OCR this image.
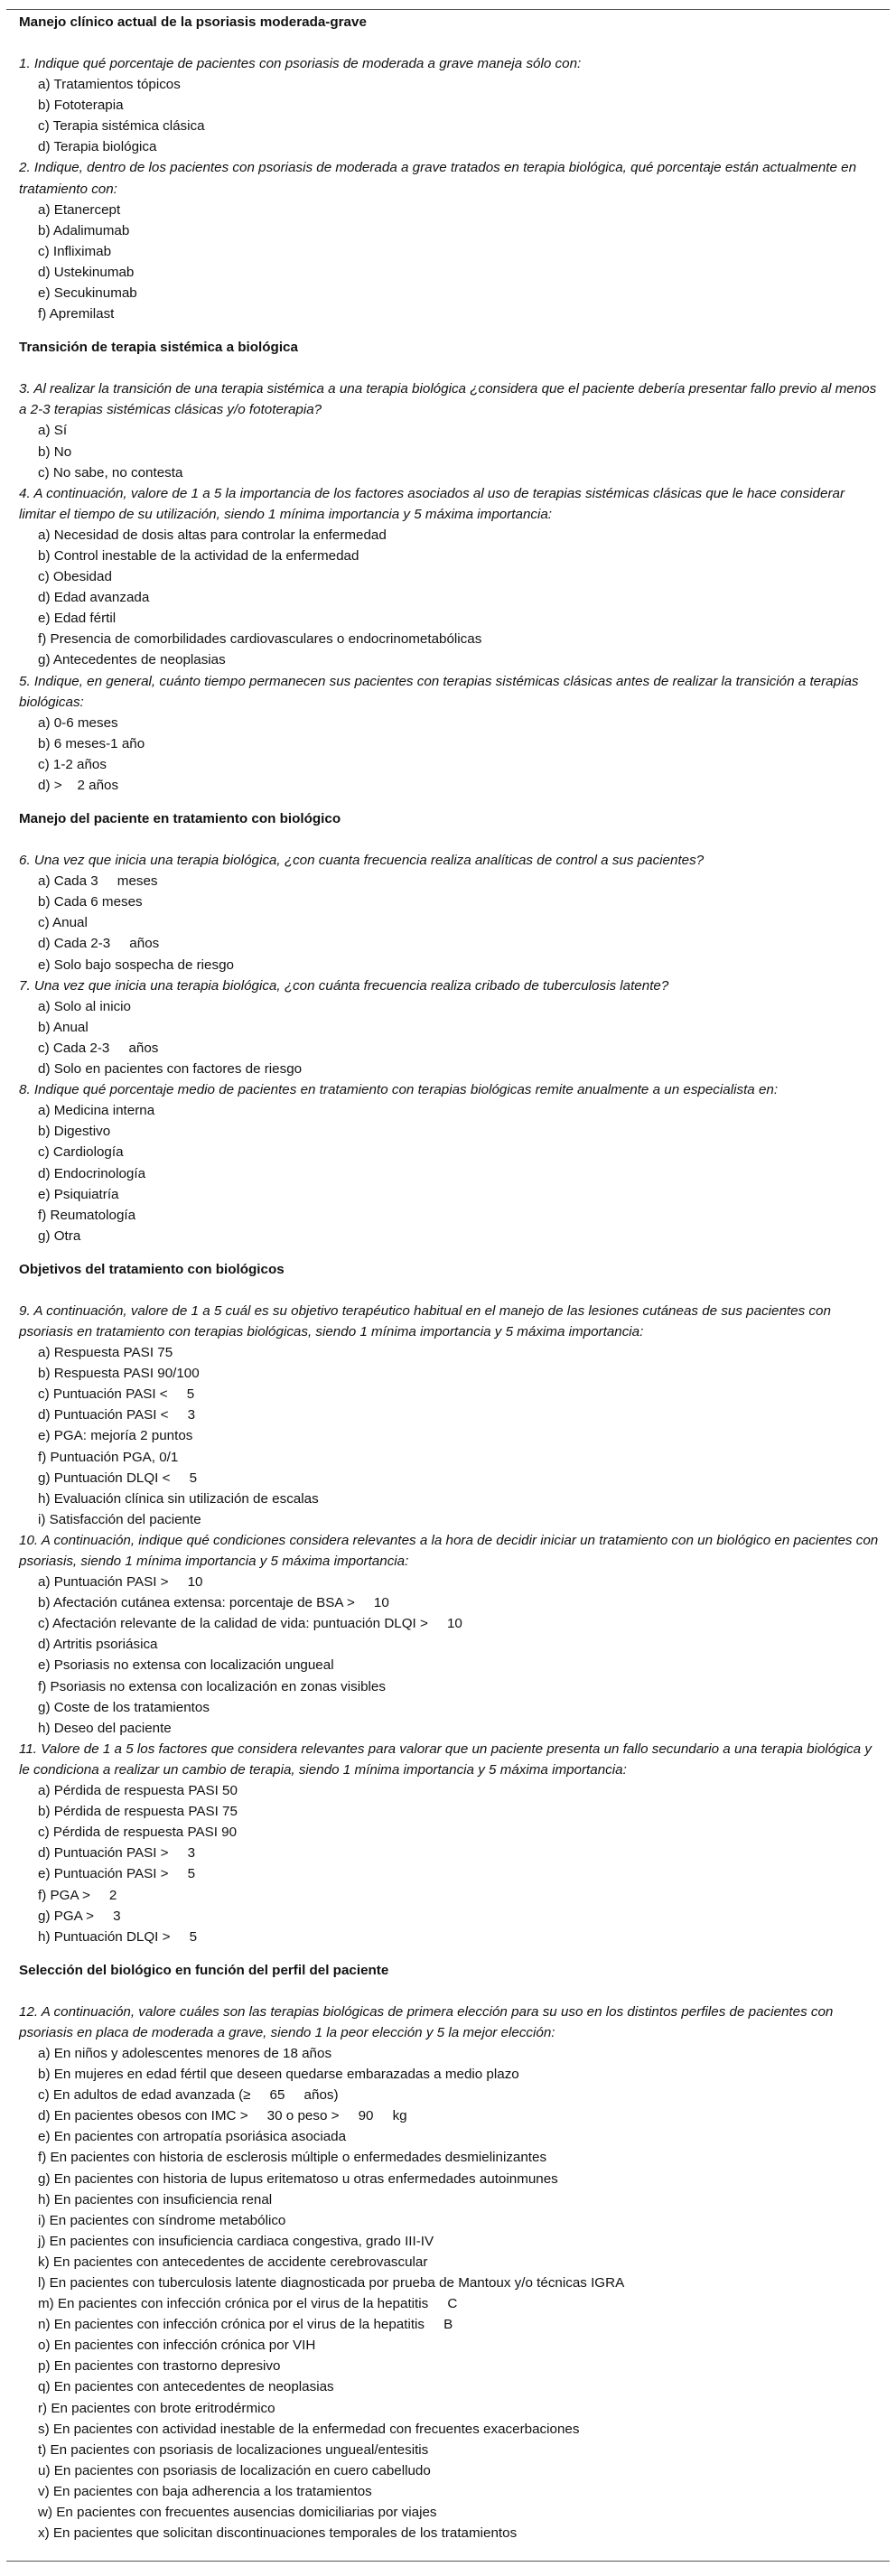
Manejo clínico actual de la psoriasis moderada-grave
1. Indique qué porcentaje de pacientes con psoriasis de moderada a grave maneja sólo con:
a) Tratamientos tópicos
b) Fototerapia
c) Terapia sistémica clásica
d) Terapia biológica
2. Indique, dentro de los pacientes con psoriasis de moderada a grave tratados en terapia biológica, qué porcentaje están actualmente en tratamiento con:
a) Etanercept
b) Adalimumab
c) Infliximab
d) Ustekinumab
e) Secukinumab
f) Apremilast
Transición de terapia sistémica a biológica
3. Al realizar la transición de una terapia sistémica a una terapia biológica ¿considera que el paciente debería presentar fallo previo al menos a 2-3 terapias sistémicas clásicas y/o fototerapia?
a) Sí
b) No
c) No sabe, no contesta
4. A continuación, valore de 1 a 5 la importancia de los factores asociados al uso de terapias sistémicas clásicas que le hace considerar limitar el tiempo de su utilización, siendo 1 mínima importancia y 5 máxima importancia:
a) Necesidad de dosis altas para controlar la enfermedad
b) Control inestable de la actividad de la enfermedad
c) Obesidad
d) Edad avanzada
e) Edad fértil
f) Presencia de comorbilidades cardiovasculares o endocrinometabólicas
g) Antecedentes de neoplasias
5. Indique, en general, cuánto tiempo permanecen sus pacientes con terapias sistémicas clásicas antes de realizar la transición a terapias biológicas:
a) 0-6 meses
b) 6 meses-1 año
c) 1-2 años
d) >    2 años
Manejo del paciente en tratamiento con biológico
6. Una vez que inicia una terapia biológica, ¿con cuanta frecuencia realiza analíticas de control a sus pacientes?
a) Cada 3     meses
b) Cada 6 meses
c) Anual
d) Cada 2-3     años
e) Solo bajo sospecha de riesgo
7. Una vez que inicia una terapia biológica, ¿con cuánta frecuencia realiza cribado de tuberculosis latente?
a) Solo al inicio
b) Anual
c) Cada 2-3     años
d) Solo en pacientes con factores de riesgo
8. Indique qué porcentaje medio de pacientes en tratamiento con terapias biológicas remite anualmente a un especialista en:
a) Medicina interna
b) Digestivo
c) Cardiología
d) Endocrinología
e) Psiquiatría
f) Reumatología
g) Otra
Objetivos del tratamiento con biológicos
9. A continuación, valore de 1 a 5 cuál es su objetivo terapéutico habitual en el manejo de las lesiones cutáneas de sus pacientes con psoriasis en tratamiento con terapias biológicas, siendo 1 mínima importancia y 5 máxima importancia:
a) Respuesta PASI 75
b) Respuesta PASI 90/100
c) Puntuación PASI <     5
d) Puntuación PASI <     3
e) PGA: mejoría 2 puntos
f) Puntuación PGA, 0/1
g) Puntuación DLQI <     5
h) Evaluación clínica sin utilización de escalas
i) Satisfacción del paciente
10. A continuación, indique qué condiciones considera relevantes a la hora de decidir iniciar un tratamiento con un biológico en pacientes con psoriasis, siendo 1 mínima importancia y 5 máxima importancia:
a) Puntuación PASI >     10
b) Afectación cutánea extensa: porcentaje de BSA >     10
c) Afectación relevante de la calidad de vida: puntuación DLQI >     10
d) Artritis psoriásica
e) Psoriasis no extensa con localización ungueal
f) Psoriasis no extensa con localización en zonas visibles
g) Coste de los tratamientos
h) Deseo del paciente
11. Valore de 1 a 5 los factores que considera relevantes para valorar que un paciente presenta un fallo secundario a una terapia biológica y le condiciona a realizar un cambio de terapia, siendo 1 mínima importancia y 5 máxima importancia:
a) Pérdida de respuesta PASI 50
b) Pérdida de respuesta PASI 75
c) Pérdida de respuesta PASI 90
d) Puntuación PASI >     3
e) Puntuación PASI >     5
f) PGA >     2
g) PGA >     3
h) Puntuación DLQI >     5
Selección del biológico en función del perfil del paciente
12. A continuación, valore cuáles son las terapias biológicas de primera elección para su uso en los distintos perfiles de pacientes con psoriasis en placa de moderada a grave, siendo 1 la peor elección y 5 la mejor elección:
a) En niños y adolescentes menores de 18 años
b) En mujeres en edad fértil que deseen quedarse embarazadas a medio plazo
c) En adultos de edad avanzada (≥     65     años)
d) En pacientes obesos con IMC >     30 o peso >     90     kg
e) En pacientes con artropatía psoriásica asociada
f) En pacientes con historia de esclerosis múltiple o enfermedades desmielinizantes
g) En pacientes con historia de lupus eritematoso u otras enfermedades autoinmunes
h) En pacientes con insuficiencia renal
i) En pacientes con síndrome metabólico
j) En pacientes con insuficiencia cardiaca congestiva, grado III-IV
k) En pacientes con antecedentes de accidente cerebrovascular
l) En pacientes con tuberculosis latente diagnosticada por prueba de Mantoux y/o técnicas IGRA
m) En pacientes con infección crónica por el virus de la hepatitis     C
n) En pacientes con infección crónica por el virus de la hepatitis     B
o) En pacientes con infección crónica por VIH
p) En pacientes con trastorno depresivo
q) En pacientes con antecedentes de neoplasias
r) En pacientes con brote eritrodérmico
s) En pacientes con actividad inestable de la enfermedad con frecuentes exacerbaciones
t) En pacientes con psoriasis de localizaciones ungueal/entesitis
u) En pacientes con psoriasis de localización en cuero cabelludo
v) En pacientes con baja adherencia a los tratamientos
w) En pacientes con frecuentes ausencias domiciliarias por viajes
x) En pacientes que solicitan discontinuaciones temporales de los tratamientos
